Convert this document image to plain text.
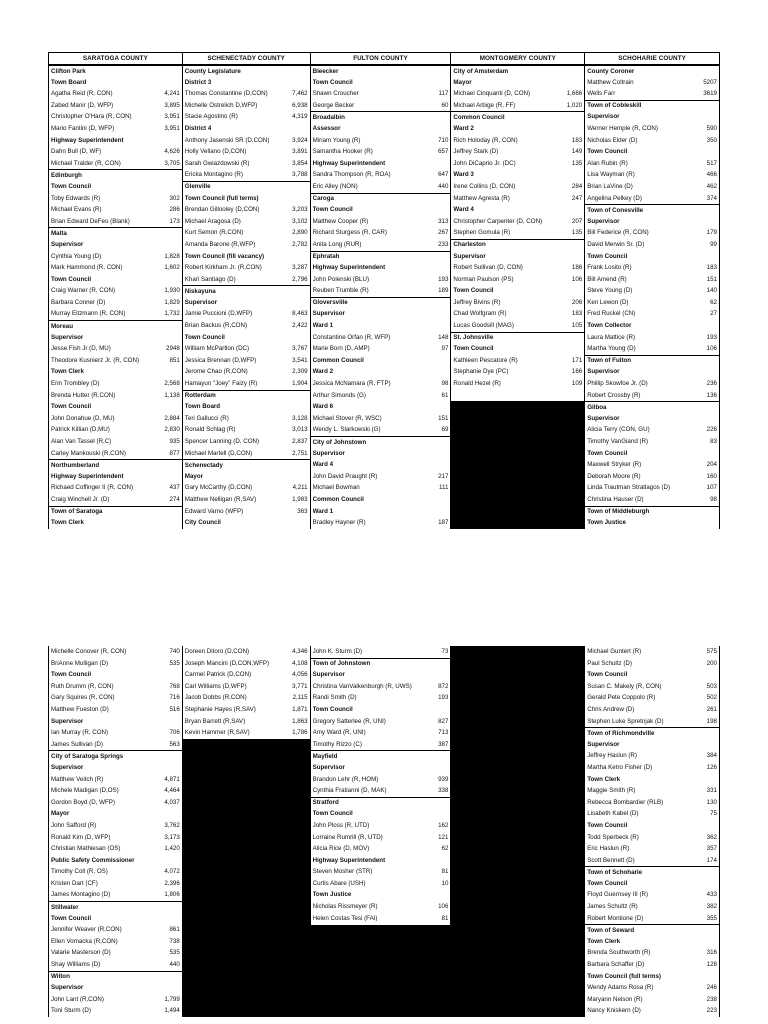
SARATOGA COUNTY
Clifton Park
Town Board
Agatha Reid (R, CON)	4,241
Zabed Manir (D, WFP)	3,895
Christopher O'Hara (R, CON)	3,951
Mario Fantini (D, WFP)	3,951
Highway Superintendent
Dahn Bull (D, WF)	4,626
Michael Tralder (R, CON)	3,705
Edinburgh
Town Council
Toby Edwards (R)	302
Michael Evans (R)	286
Brian Edward DeFeo (Blank)	173
Malta
Supervisor
Cynthia Young (D)	1,828
Mark Hammond (R, CON)	1,602
Town Council
Craig Warner (R, CON)	1,930
Barbara Conner (D)	1,829
Murray Eitzmann (R, CON)	1,732
Moreau
Supervisor
Jesse Fish Jr (D, MU)	2948
Theodore Kusnierz Jr. (R, CON)	851
Town Clerk
Erin Trombley (D)	2,568
Brenda Hutter (R,CON)	1,138
Town Council
John Donahue (D, MU)	2,884
Patrick Killian (D,MU)	2,830
Alan Van Tassel (R,C)	935
Carley Mankouski (R,CON)	877
Northumberland
Highway Superintendent
Richaed Coffinger II (R, CON)	437
Craig Winchell Jr. (D)	274
Town of Saratoga
Town Clerk
SCHENECTADY COUNTY
County Legislature
District 3
Thomas Constantine (D,CON)	7,462
Michelle Ostrelich D,WFP)	6,938
Stacie Agostino (R)	4,319
District 4
Anthony Jasenski SR (D,CON)	3,924
Holly Vellano (D,CON)	3,891
Sarah Gwiazdowski (R)	3,854
Ericka Montagino (R)	3,788
Glenville
Town Council (full terms)
Brendan Gillooley (D,CON)	3,203
Michael Aragosa (D)	3,102
Kurt Semon (R,CON)	2,890
Amanda Barone (R,WFP)	2,782
Town Council (fill vacancy)
Robert Kirkham Jr. (R,CON)	3,287
Khari Santiago (D)	2,796
Niskayuna
Supervisor
Jamie Puccioni (D,WFP)	8,463
Brian Backus (R,CON)	2,422
Town Council
William McPartlon (DC)	3,767
Jessica Brennan (D,WFP)	3,541
Jerome Chao (R,CON)	2,309
Hamayun "Joey" Faizy (R)	1,904
Rotterdam
Town Board
Teri Gallucci (R)	3,128
Ronald Schlag (R)	3,013
Spencer Lanning (D, CON)	2,837
Michael Martell (D,CON)	2,751
Schenectady
Mayor
Gary McCarthy (D,CON)	4,211
Matthew Nelligan (R,SAV)	1,983
Edward Varno (WFP)	363
City Council
FULTON COUNTY
Bleecker
Town Council
Shawn Croucher	117
George Becker	60
Broadalbin
Assessor
Miriam Young (R)	710
Samantha Hooker (R)	657
Highway Superintendent
Sandra Thompson (R, ROA)	647
Eric Alley (NON)	440
Caroga
Town Council
Matthew Cooper (R)	313
Richard Sturgess (R, CAR)	267
Anita Long (RUR)	233
Ephratah
Highway Superintendent
John Polenski (BLU)	193
Reuben Trumble (R)	189
Gloversville
Supervisor
Ward 1
Constantine Orfan (R, WFP)	148
Marie Born (D, AMP)	97
Common Council
Ward 2
Jessica McNamara (R, FTP)	98
Arthur Simonds (G)	61
Ward 6
Michael Stover (R, WSC)	151
Wendy L. Slarkowski (G)	69
City of Johnstown
Supervisor
Ward 4
John David Praught (R)	217
Michael Bowman	111
Common Council
Ward 1
Bradley Hayner (R)	187
MONTGOMERY COUNTY
City of Amsterdam
Mayor
Michael Cinquanti (D, CON)	1,666
Michael Arbige (R, FF)	1,020
Common Council
Ward 2
Rich Holoday (R, CON)	183
Jeffrey Stark (D)	149
John DiCaprio Jr. (DC)	135
Ward 3
Irene Collins (D, CON)	284
Matthew Agresta (R)	247
Ward 4
Christopher Carpenter (D, CON)	207
Stephen Gomula (R)	135
Charleston
Supervisor
Robert Sullivan (D, CON)	186
Norman Paulson (PS)	106
Town Council
Jeffrey Bivins (R)	206
Chad Wolfgram (R)	183
Lucas Goodsill (MAG)	105
St. Johnsville
Town Council
Kathleen Pescatore (R)	171
Stephanie Dye (PC)	166
Ronald Hezel (R)	109
SCHOHARIE COUNTY
County Coroner
Matthew Coltrain	5207
Wells Farr	3619
Town of Cobleskill
Supervisor
Werner Hemple (R, CON)	590
Nicholas Elder (D)	350
Town Council
Alan Rubin (R)	517
Lisa Wayman (R)	466
Brian LaVine (D)	462
Angelina Pelkey (D)	374
Town of Conesville
Supervisor
Bill Federice (R, CON)	179
David Merwin Sr. (D)	99
Town Council
Frank Losito (R)	183
Bill Amend (R)	151
Steve Young (D)	140
Ken Lewon (D)	62
Fred Ruckel (CN)	27
Town Collector
Laura Mattice (R)	193
Martha Young (D)	106
Town of Fulton
Supervisor
Phillip Skowfoe Jr. (D)	236
Robert Crossby (R)	136
Gilboa
Supervisor
Alicia Terry (CON, GU)	226
Timothy VanGiand (R)	83
Town Council
Maxwell Stryker (R)	204
Deborah Moore (R)	160
Linda Trautman Stratlagos (D)	107
Christina Hauser (D)	98
Town of Middleburgh
Town Justice
Michelle Conover (R, CON)	740
BriAnne Mulligan (D)	535
Town Council
Ruth Drumm (R, CON)	768
Gary Squires (R, CON)	716
Matthew Fueston (D)	516
Supervisor
Ian Murray (R, CON)	706
James Sullivan (D)	563
City of Saratoga Springs
Supervisor
Matthew Veitch (R)	4,871
Michele Madigan (D,OS)	4,464
Gordon Boyd (D, WFP)	4,037
Mayor
John Safford (R)	3,762
Ronald Kim (D, WFP)	3,173
Christian Mathiesan (OS)	1,420
Public Safety Commissioner
Timothy Coll (R, OS)	4,072
Kristen Dart (CF)	2,396
James Montagino (D)	1,806
Stillwater
Town Council
Jennifer Weaver (R,CON)	861
Ellen Vomacka (R,CON)	738
Valarie Masterson (D)	535
Shay Williams (D)	440
Wilton
Supervisor
John Lant (R,CON)	1,799
Toni Sturm (D)	1,494
Doreen Ditoro (D,CON)	4,346
Joseph Mancini (D,CON,WFP)	4,108
Carmel Patrick (D,CON)	4,056
Carl Williams (D,WFP)	3,771
Jacob Dobbs (R,CON)	2,115
Stephanie Hayes (R,SAV)	1,871
Bryan Barrett (R,SAV)	1,863
Kevin Hammer (R,SAV)	1,786
John K. Sturm (D)	73
Town of Johnstown
Supervisor
Christina VanValkenburgh (R, UWS)	872
Randi Smith (D)	193
Town Council
Gregory Satterlee (R, UNI)	827
Amy Ward (R, UNI)	713
Timothy Rizzo (C)	387
Mayfield
Supervisor
Brandon Lehr (R, HOM)	939
Cynthia Fratianni (D, MAK)	338
Stratford
Town Council
John Ploss (R, UTD)	162
Lorraine Rumrill (R, UTD)	121
Alicia Rice (D, MOV)	62
Highway Superintendent
Steven Mosher (STR)	81
Curtis Abare (USH)	10
Town Justice
Nicholas Rissmeyer (R)	106
Helen Costas Tesi (FAI)	81
Michael Guntert (R)	575
Paul Schultz (D)	200
Town Council
Susan C. Makely (R, CON)	503
Gerald Pete Coppolo (R)	502
Chris Andrew (D)	261
Stephen Luke Spretnjak (D)	198
Town of Richmondville
Supervisor
Jeffrey Haslun (R)	384
Martha Ketro Fisher (D)	126
Town Clerk
Maggie Smith (R)	331
Rebecca Bombardier (RLB)	130
Lisabeth Kabel (D)	75
Town Council
Todd Sperbeck (R)	362
Eric Haslun (R)	357
Scott Bennett (D)	174
Town of Schoharie
Town Council
Floyd Guernsey III (R)	433
James Schultz (R)	382
Robert Montione (D)	355
Town of Seward
Town Clerk
Brenda Southworth (R)	316
Barbara Schaffer (D)	128
Town Council (full terms)
Wendy Adams Rosa (R)	246
Maryann Nelson (R)	238
Nancy Kniskern (D)	223
